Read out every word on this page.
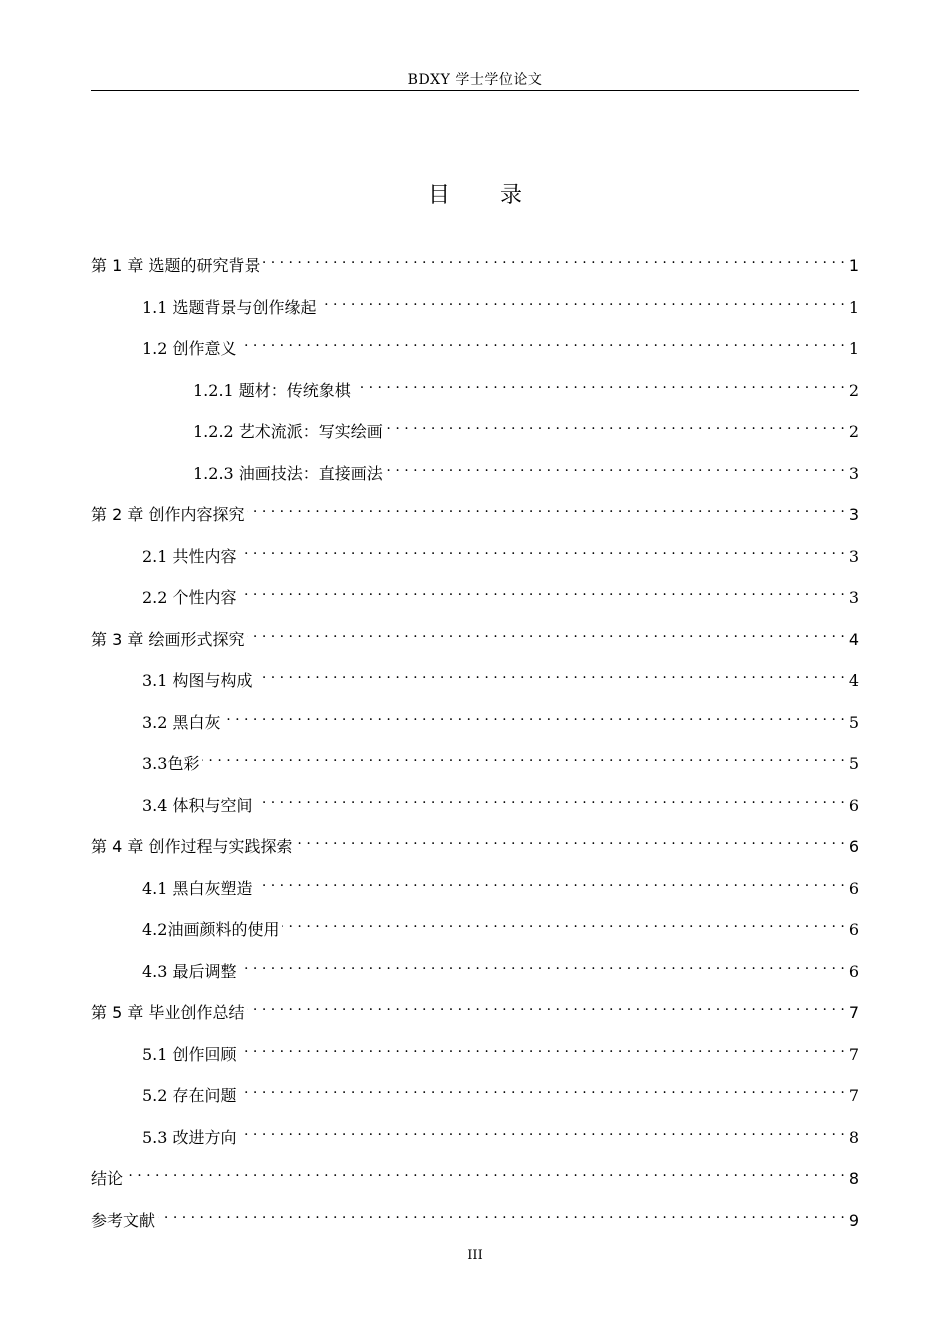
BDXY 学士学位论文
目 录
第 1 章 选题的研究背景 . . .	1
1.1 选题背景与创作缘起 . . .	1
1.2 创作意义 . . .	1
1.2.1 题材：传统象棋 . . .	2
1.2.2 艺术流派：写实绘画 . . .	2
1.2.3 油画技法：直接画法 . . .	3
第 2 章 创作内容探究 . . .	3
2.1 共性内容 . . .	3
2.2 个性内容 . . .	3
第 3 章 绘画形式探究 . . .	4
3.1 构图与构成 . . .	4
3.2 黑白灰 . . .	5
3.3色彩 . . .	5
3.4 体积与空间 . . .	6
第 4 章 创作过程与实践探索 . . .	6
4.1 黑白灰塑造 . . .	6
4.2油画颜料的使用 . . .	6
4.3 最后调整 . . .	6
第 5 章 毕业创作总结 . . .	7
5.1 创作回顾 . . .	7
5.2 存在问题 . . .	7
5.3 改进方向 . . .	8
结论 . . .	8
参考文献 . . .	9
III
